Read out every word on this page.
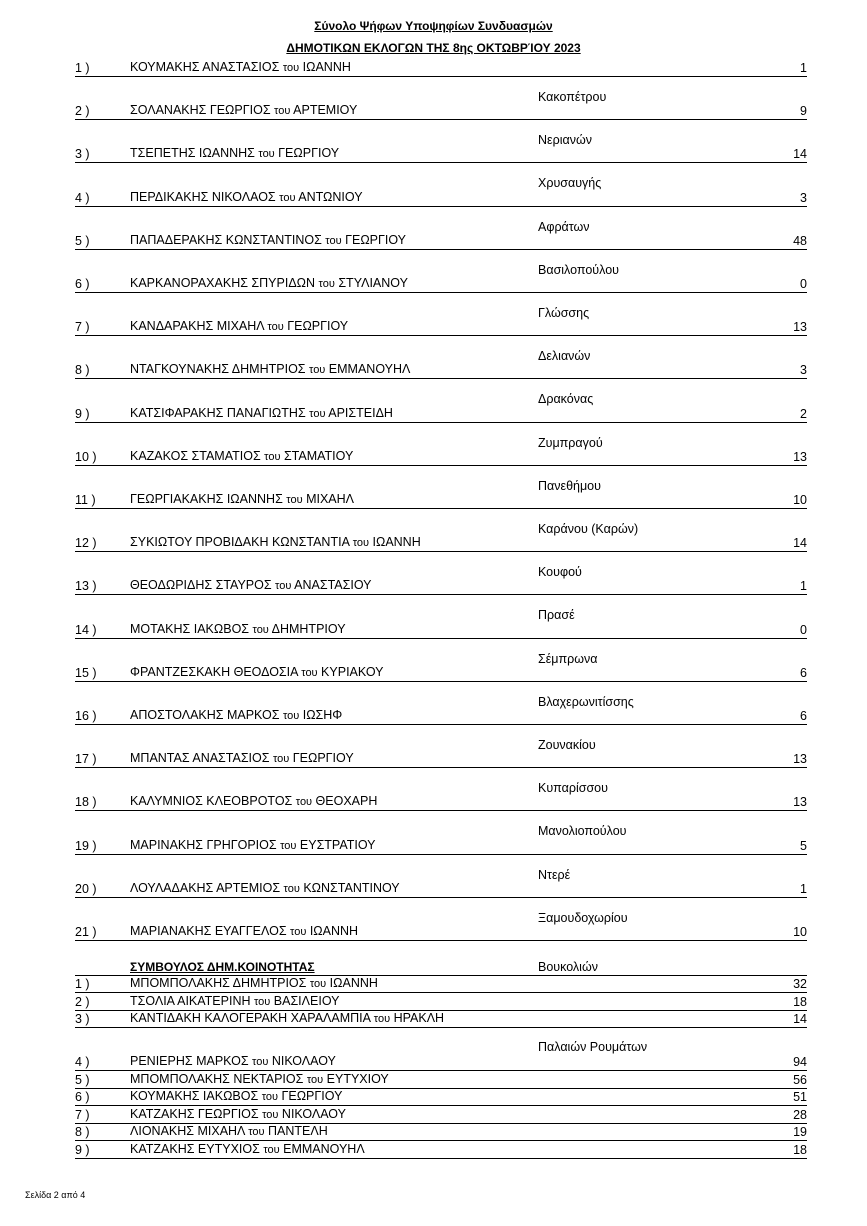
Σύνολο Ψήφων Υποψηφίων Συνδυασμών
ΔΗΜΟΤΙΚΩΝ ΕΚΛΟΓΩΝ ΤΗΣ 8ης ΟΚΤΩΒΡΊΟΥ 2023
1 )	ΚΟΥΜΑΚΗΣ ΑΝΑΣΤΑΣΙΟΣ του ΙΩΑΝΝΗ	1
Κακοπέτρου
2 )	ΣΟΛΑΝΑΚΗΣ ΓΕΩΡΓΙΟΣ του ΑΡΤΕΜΙΟΥ	9
Νεριανών
3 )	ΤΣΕΠΕΤΗΣ ΙΩΑΝΝΗΣ του ΓΕΩΡΓΙΟΥ	14
Χρυσαυγής
4 )	ΠΕΡΔΙΚΑΚΗΣ ΝΙΚΟΛΑΟΣ του ΑΝΤΩΝΙΟΥ	3
Αφράτων
5 )	ΠΑΠΑΔΕΡΑΚΗΣ ΚΩΝΣΤΑΝΤΙΝΟΣ του ΓΕΩΡΓΙΟΥ	48
Βασιλοπούλου
6 )	ΚΑΡΚΑΝΟΡΑΧΑΚΗΣ ΣΠΥΡΙΔΩΝ του ΣΤΥΛΙΑΝΟΥ	0
Γλώσσης
7 )	ΚΑΝΔΑΡΑΚΗΣ ΜΙΧΑΗΛ του ΓΕΩΡΓΙΟΥ	13
Δελιανών
8 )	ΝΤΑΓΚΟΥΝΑΚΗΣ ΔΗΜΗΤΡΙΟΣ του ΕΜΜΑΝΟΥΗΛ	3
Δρακόνας
9 )	ΚΑΤΣΙΦΑΡΑΚΗΣ ΠΑΝΑΓΙΩΤΗΣ του ΑΡΙΣΤΕΙΔΗ	2
Ζυμπραγού
10 )	ΚΑΖΑΚΟΣ ΣΤΑΜΑΤΙΟΣ του ΣΤΑΜΑΤΙΟΥ	13
Πανεθήμου
11 )	ΓΕΩΡΓΙΑΚΑΚΗΣ ΙΩΑΝΝΗΣ του ΜΙΧΑΗΛ	10
Καράνου (Καρών)
12 )	ΣΥΚΙΩΤΟΥ ΠΡΟΒΙΔΑΚΗ ΚΩΝΣΤΑΝΤΙΑ του ΙΩΑΝΝΗ	14
Κουφού
13 )	ΘΕΟΔΩΡΙΔΗΣ ΣΤΑΥΡΟΣ του ΑΝΑΣΤΑΣΙΟΥ	1
Πρασέ
14 )	ΜΟΤΑΚΗΣ ΙΑΚΩΒΟΣ του ΔΗΜΗΤΡΙΟΥ	0
Σέμπρωνα
15 )	ΦΡΑΝΤΖΕΣΚΑΚΗ ΘΕΟΔΟΣΙΑ του ΚΥΡΙΑΚΟΥ	6
Βλαχερωνιτίσσης
16 )	ΑΠΟΣΤΟΛΑΚΗΣ ΜΑΡΚΟΣ του ΙΩΣΗΦ	6
Ζουνακίου
17 )	ΜΠΑΝΤΑΣ ΑΝΑΣΤΑΣΙΟΣ του ΓΕΩΡΓΙΟΥ	13
Κυπαρίσσου
18 )	ΚΑΛΥΜΝΙΟΣ ΚΛΕΟΒΡΟΤΟΣ του ΘΕΟΧΑΡΗ	13
Μανολιοπούλου
19 )	ΜΑΡΙΝΑΚΗΣ ΓΡΗΓΟΡΙΟΣ του ΕΥΣΤΡΑΤΙΟΥ	5
Ντερέ
20 )	ΛΟΥΛΑΔΑΚΗΣ ΑΡΤΕΜΙΟΣ του ΚΩΝΣΤΑΝΤΙΝΟΥ	1
Ξαμουδοχωρίου
21 )	ΜΑΡΙΑΝΑΚΗΣ ΕΥΑΓΓΕΛΟΣ του ΙΩΑΝΝΗ	10
ΣΥΜΒΟΥΛΟΣ ΔΗΜ.ΚΟΙΝΟΤΗΤΑΣ	Βουκολιών
1 )	ΜΠΟΜΠΟΛΑΚΗΣ ΔΗΜΗΤΡΙΟΣ του ΙΩΑΝΝΗ	32
2 )	ΤΣΟΛΙΑ ΑΙΚΑΤΕΡΙΝΗ του ΒΑΣΙΛΕΙΟΥ	18
3 )	ΚΑΝΤΙΔΑΚΗ ΚΑΛΟΓΕΡΑΚΗ ΧΑΡΑΛΑΜΠΙΑ του ΗΡΑΚΛΗ	14
Παλαιών Ρουμάτων
4 )	ΡΕΝΙΕΡΗΣ ΜΑΡΚΟΣ του ΝΙΚΟΛΑΟΥ	94
5 )	ΜΠΟΜΠΟΛΑΚΗΣ ΝΕΚΤΑΡΙΟΣ του ΕΥΤΥΧΙΟΥ	56
6 )	ΚΟΥΜΑΚΗΣ ΙΑΚΩΒΟΣ του ΓΕΩΡΓΙΟΥ	51
7 )	ΚΑΤΖΑΚΗΣ ΓΕΩΡΓΙΟΣ του ΝΙΚΟΛΑΟΥ	28
8 )	ΛΙΟΝΑΚΗΣ ΜΙΧΑΗΛ του ΠΑΝΤΕΛΗ	19
9 )	ΚΑΤΖΑΚΗΣ ΕΥΤΥΧΙΟΣ του ΕΜΜΑΝΟΥΗΛ	18
Σελίδα 2 από 4
